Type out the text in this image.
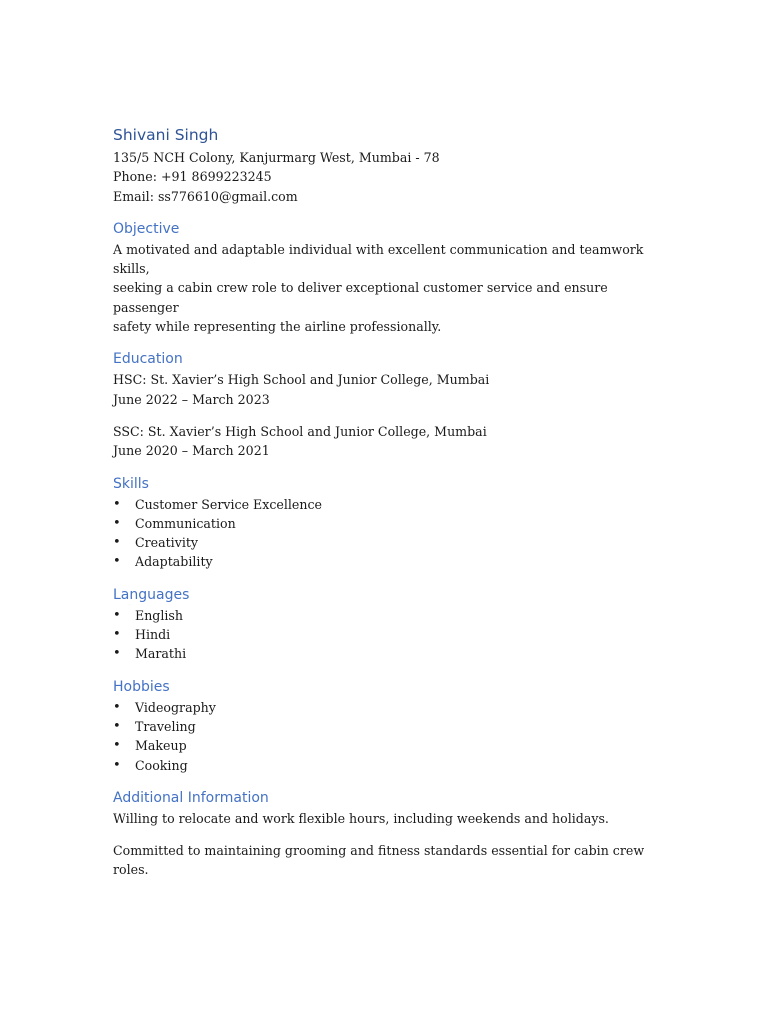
Shivani Singh

135/5 NCH Colony, Kanjurmarg West, Mumbai - 78

Phone: +91 8699223245

Email: ss776610@gmail.com

Objective

A motivated and adaptable individual with excellent communication and teamwork skills,

seeking a cabin crew role to deliver exceptional customer service and ensure passenger

safety while representing the airline professionally.

Education

HSC: St. Xavier’s High School and Junior College, Mumbai

June 2022 – March 2023

SSC: St. Xavier’s High School and Junior College, Mumbai

June 2020 – March 2021

Skills
• Customer Service Excellence
• Communication
• Creativity
• Adaptability
Languages
• English
• Hindi
• Marathi
Hobbies
• Videography
• Traveling
• Makeup
• Cooking
Additional Information

Willing to relocate and work flexible hours, including weekends and holidays.

Committed to maintaining grooming and fitness standards essential for cabin crew roles.
